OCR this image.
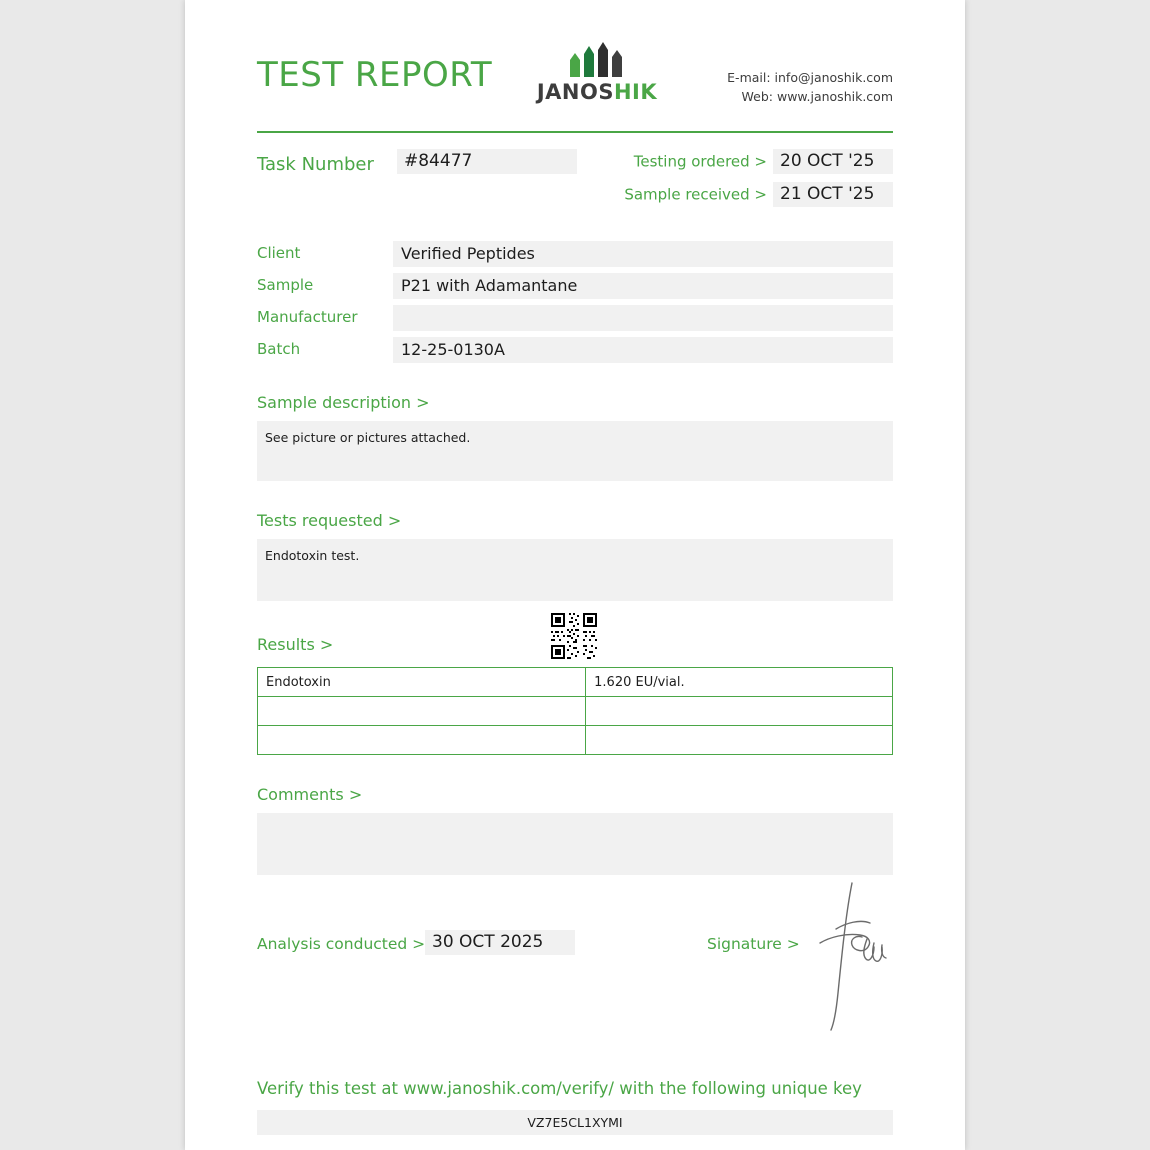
TEST REPORT	JANOSHIK
E-mail: info@janoshik.com
Web: www.janoshik.com
Task Number	#84477	Testing ordered > 20 OCT '25
Sample received > 21 OCT '25
Client	Verified Peptides
Sample	P21 with Adamantane
Manufacturer
Batch	12-25-0130A
Sample description >
See picture or pictures attached.
Tests requested >
Endotoxin test.
Results >
Endotoxin	1.620 EU/vial.

Comments >
Analysis conducted > 30 OCT 2025	Signature >
Verify this test at www.janoshik.com/verify/ with the following unique key
VZ7E5CL1XYMI
